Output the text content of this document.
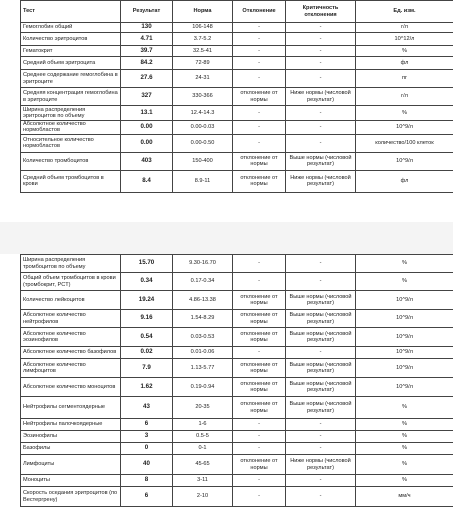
Тест	Результат	Норма	Отклонение	Критичность отклонения	Ед. изм.
Гемоглобин общий	130	106-148	-	-	г/л
Количество эритроцитов	4.71	3.7-5.2	-	-	10^12/л
Гематокрит	39.7	32.5-41	-	-	%
Средний объем эритроцита	84.2	72-89	-	-	фл
Среднее содержание гемоглобина в эритроците	27.6	24-31	-	-	пг
Средняя концентрация гемоглобина в эритроците	327	330-366	отклонение от нормы	Ниже нормы (числовой результат)	г/л
Ширина распределения эритроцитов по объему	13.1	12.4-14.3	-	-	%
Абсолютное количество нормобластов	0.00	0.00-0.03	-	-	10^9/л
Относительное количество нормобластов	0.00	0.00-0.50	-	-	количество/100 клеток
Количество тромбоцитов	403	150-400	отклонение от нормы	Выше нормы (числовой результат)	10^9/л
Средний объем тромбоцитов в крови	8.4	8.9-11	отклонение от нормы	Ниже нормы (числовой результат)	фл
Ширина распределения тромбоцитов по объему	15.70	9.30-16.70	-	-	%
Общий объем тромбоцитов в крови (тромбокрит, PCT)	0.34	0.17-0.34	-	-	%
Количество лейкоцитов	19.24	4.86-13.38	отклонение от нормы	Выше нормы (числовой результат)	10^9/л
Абсолютное количество нейтрофилов	9.16	1.54-8.29	отклонение от нормы	Выше нормы (числовой результат)	10^9/л
Абсолютное количество эозинофилов	0.54	0.03-0.53	отклонение от нормы	Выше нормы (числовой результат)	10^9/л
Абсолютное количество базофилов	0.02	0.01-0.06	-	-	10^9/л
Абсолютное количество лимфоцитов	7.9	1.13-5.77	отклонение от нормы	Выше нормы (числовой результат)	10^9/л
Абсолютное количество моноцитов	1.62	0.19-0.94	отклонение от нормы	Выше нормы (числовой результат)	10^9/л
Нейтрофилы сегментоядерные	43	20-35	отклонение от нормы	Выше нормы (числовой результат)	%
Нейтрофилы палочкоядерные	6	1-6	-	-	%
Эозинофилы	3	0.5-5	-	-	%
Базофилы	0	0-1	-	-	%
Лимфоциты	40	45-65	отклонение от нормы	Ниже нормы (числовой результат)	%
Моноциты	8	3-11	-	-	%
Скорость оседания эритроцитов (по Вестергрену)	6	2-10	-	-	мм/ч
